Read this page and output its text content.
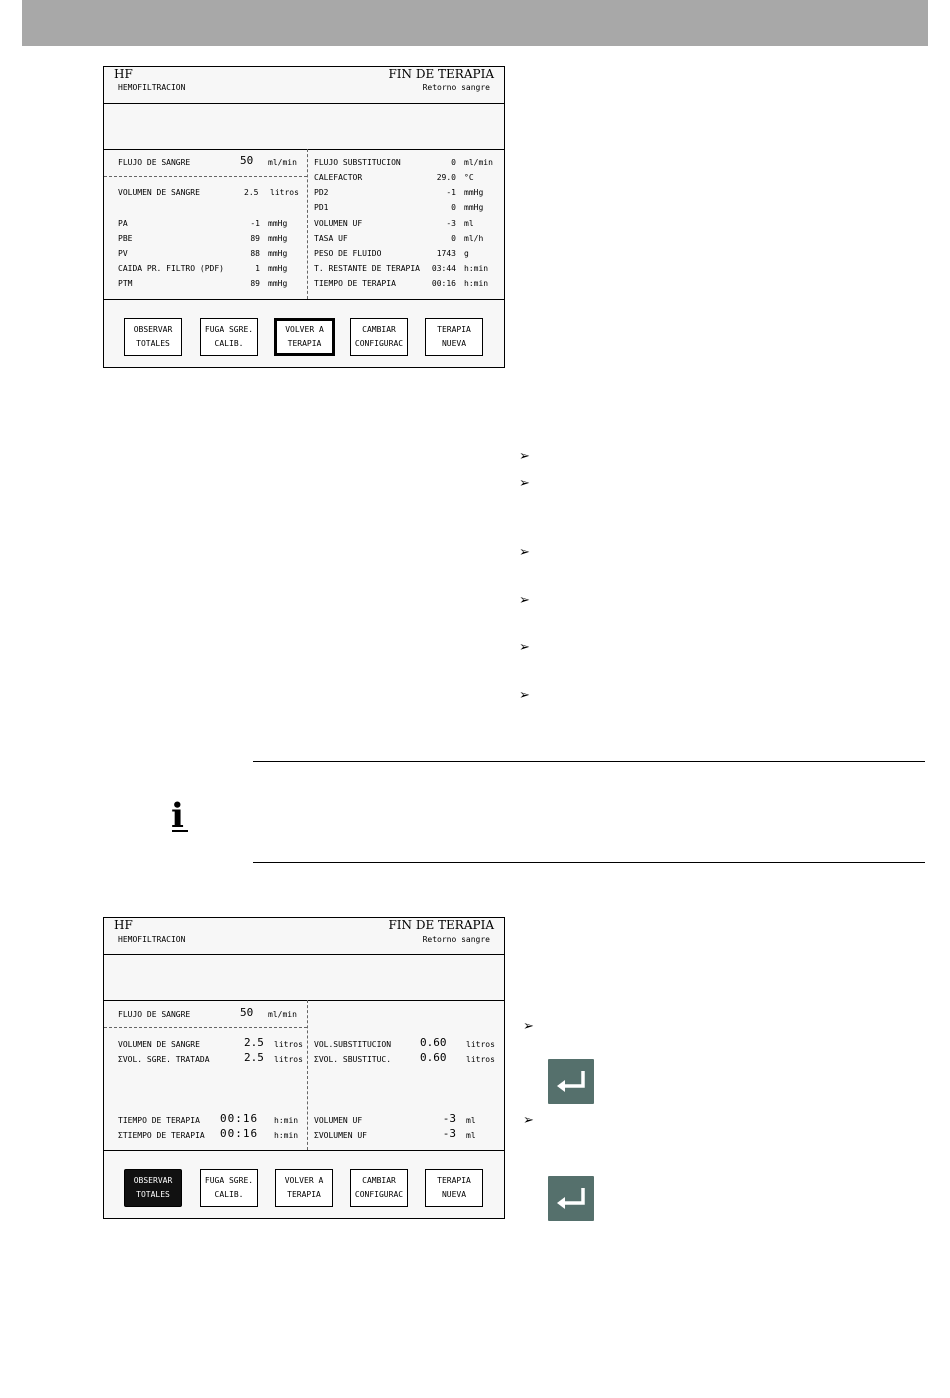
HF
HEMOFILTRACION
FIN DE TERAPIA
Retorno sangre
FLUJO DE SANGRE	50 ml/min
VOLUMEN DE SANGRE	2.5 litros
PA	-1 mmHg
PBE	89 mmHg
PV	88 mmHg
CAIDA PR. FILTRO (PDF)	1 mmHg
PTM	89 mmHg
FLUJO SUBSTITUCION	0 ml/min
CALEFACTOR	29.0 °C
PD2	-1 mmHg
PD1	0 mmHg
VOLUMEN UF	-3 ml
TASA UF	0 ml/h
PESO DE FLUIDO	1743 g
T. RESTANTE DE TERAPIA 03:44 h:min
TIEMPO DE TERAPIA	00:16 h:min
OBSERVAR
TOTALES
FUGA SGRE.
CALIB.
VOLVER A
TERAPIA
CAMBIAR
CONFIGURAC
TERAPIA
NUEVA
➢
➢
➢
➢
➢
➢
i
HF
HEMOFILTRACION
FIN DE TERAPIA
Retorno sangre
FLUJO DE SANGRE	50 ml/min
VOLUMEN DE SANGRE	2.5 litros
ΣVOL. SGRE. TRATADA	2.5 litros
TIEMPO DE TERAPIA 00:16 h:min
ΣTIEMPO DE TERAPIA 00:16 h:min
VOL.SUBSTITUCION	0.60 litros
ΣVOL. SBUSTITUC.	0.60 litros
VOLUMEN UF	-3 ml
ΣVOLUMEN UF	-3 ml
OBSERVAR
TOTALES
FUGA SGRE.
CALIB.
VOLVER A
TERAPIA
CAMBIAR
CONFIGURAC
TERAPIA
NUEVA
➢
➢
